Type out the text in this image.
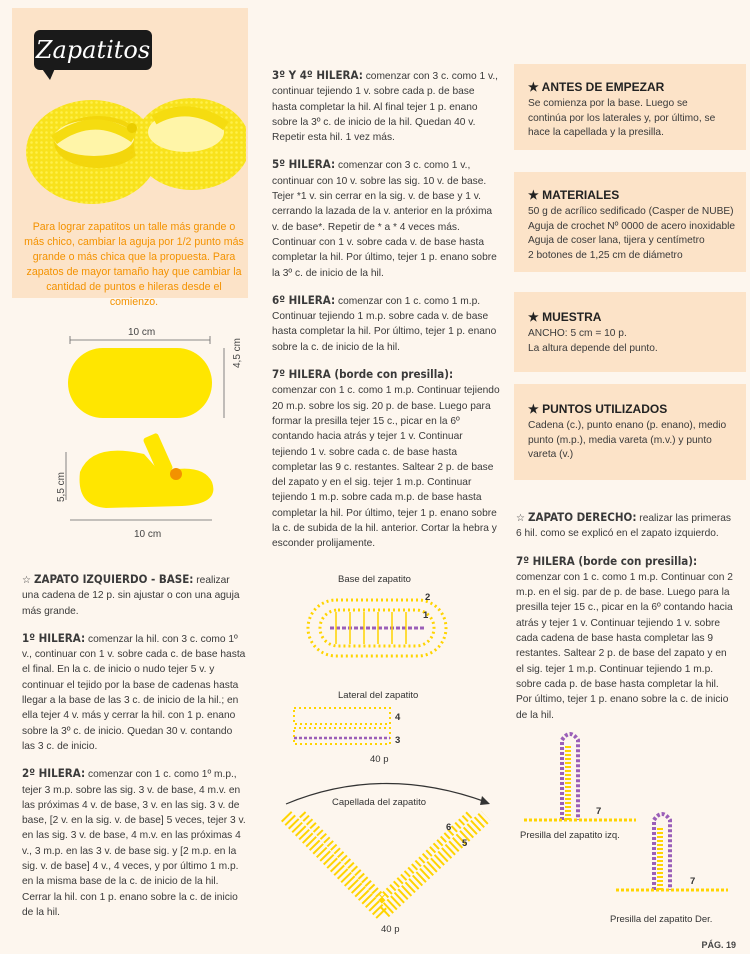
Zapatitos
Para lograr zapatitos un talle más grande o más chico, cambiar la aguja por 1/2 punto más grande o más chica que la propuesta. Para zapatos de mayor tamaño hay que cambiar la cantidad de puntos e hileras desde el comienzo.
10 cm
4,5 cm
5,5 cm
10 cm

☆ ZAPATO IZQUIERDO - BASE: realizar una cadena de 12 p. sin ajustar o con una aguja más grande.

1º HILERA: comenzar la hil. con 3 c. como 1º v., continuar con 1 v. sobre cada c. de base hasta el final. En la c. de inicio o nudo tejer 5 v. y continuar el tejido por la base de cadenas hasta llegar a la base de las 3 c. de inicio de la hil.; en ella tejer 4 v. más y cerrar la hil. con 1 p. enano sobre la 3º c. de inicio. Quedan 30 v. contando las 3 c. de inicio.

2º HILERA: comenzar con 1 c. como 1º m.p., tejer 3 m.p. sobre las sig. 3 v. de base, 4 m.v. en las próximas 4 v. de base, 3 v. en las sig. 3 v. de base, [2 v. en la sig. v. de base] 5 veces, tejer 3 v. en las sig. 3 v. de base, 4 m.v. en las próximas 4 v., 3 m.p. en las 3 v. de base sig. y [2 m.p. en la sig. v. de base] 4 v., 4 veces, y por último 1 m.p. en la misma base de la c. de inicio de la hil. Cerrar la hil. con 1 p. enano sobre la c. de inicio de la hil.

3º Y 4º HILERA: comenzar con 3 c. como 1 v., continuar tejiendo 1 v. sobre cada p. de base hasta completar la hil. Al final tejer 1 p. enano sobre la 3º c. de inicio de la hil. Quedan 40 v. Repetir esta hil. 1 vez más.

5º HILERA: comenzar con 3 c. como 1 v., continuar con 10 v. sobre las sig. 10 v. de base. Tejer *1 v. sin cerrar en la sig. v. de base y 1 v. cerrando la lazada de la v. anterior en la próxima v. de base*. Repetir de * a * 4 veces más. Continuar con 1 v. sobre cada v. de base hasta completar la hil. Por último, tejer 1 p. enano sobre la 3º c. de inicio de la hil.

6º HILERA: comenzar con 1 c. como 1 m.p. Continuar tejiendo 1 m.p. sobre cada v. de base hasta completar la hil. Por último, tejer 1 p. enano sobre la c. de inicio de la hil.

7º HILERA (borde con presilla):
comenzar con 1 c. como 1 m.p. Continuar tejiendo 20 m.p. sobre los sig. 20 p. de base. Luego para formar la presilla tejer 15 c., picar en la 6º contando hacia atrás y tejer 1 v. Continuar tejiendo 1 v. sobre cada c. de base hasta completar las 9 c. restantes. Saltear 2 p. de base del zapato y en el sig. tejer 1 m.p. Continuar tejiendo 1 m.p. sobre cada m.p. de base hasta completar la hil. Por último, tejer 1 p. enano sobre la c. de subida de la hil. anterior. Cortar la hebra y esconder prolijamente.

Base del zapatito
2
1
Lateral del zapatito
4
3
40 p
Capellada del zapatito
6
5
40 p
★ ANTES DE EMPEZAR
Se comienza por la base. Luego se continúa por los laterales y, por último, se hace la capellada y la presilla.
★ MATERIALES
50 g de acrílico sedificado (Casper de NUBE)
Aguja de crochet Nº 0000 de acero inoxidable
Aguja de coser lana, tijera y centímetro
2 botones de 1,25 cm de diámetro
★ MUESTRA
ANCHO: 5 cm = 10 p.
La altura depende del punto.
★ PUNTOS UTILIZADOS
Cadena (c.), punto enano (p. enano), medio punto (m.p.), media vareta (m.v.) y punto vareta (v.)

☆ ZAPATO DERECHO: realizar las primeras 6 hil. como se explicó en el zapato izquierdo.

7º HILERA (borde con presilla):
comenzar con 1 c. como 1 m.p. Continuar con 2 m.p. en el sig. par de p. de base. Luego para la presilla tejer 15 c., picar en la 6º contando hacia atrás y tejer 1 v. Continuar tejiendo 1 v. sobre cada cadena de base hasta completar las 9 restantes. Saltear 2 p. de base del zapato y en el sig. tejer 1 m.p. Continuar tejiendo 1 m.p. sobre cada p. de base hasta completar la hil. Por último, tejer 1 p. enano sobre la c. de inicio de la hil.

7
Presilla del zapatito izq.
7
Presilla del zapatito Der.
PÁG. 19
